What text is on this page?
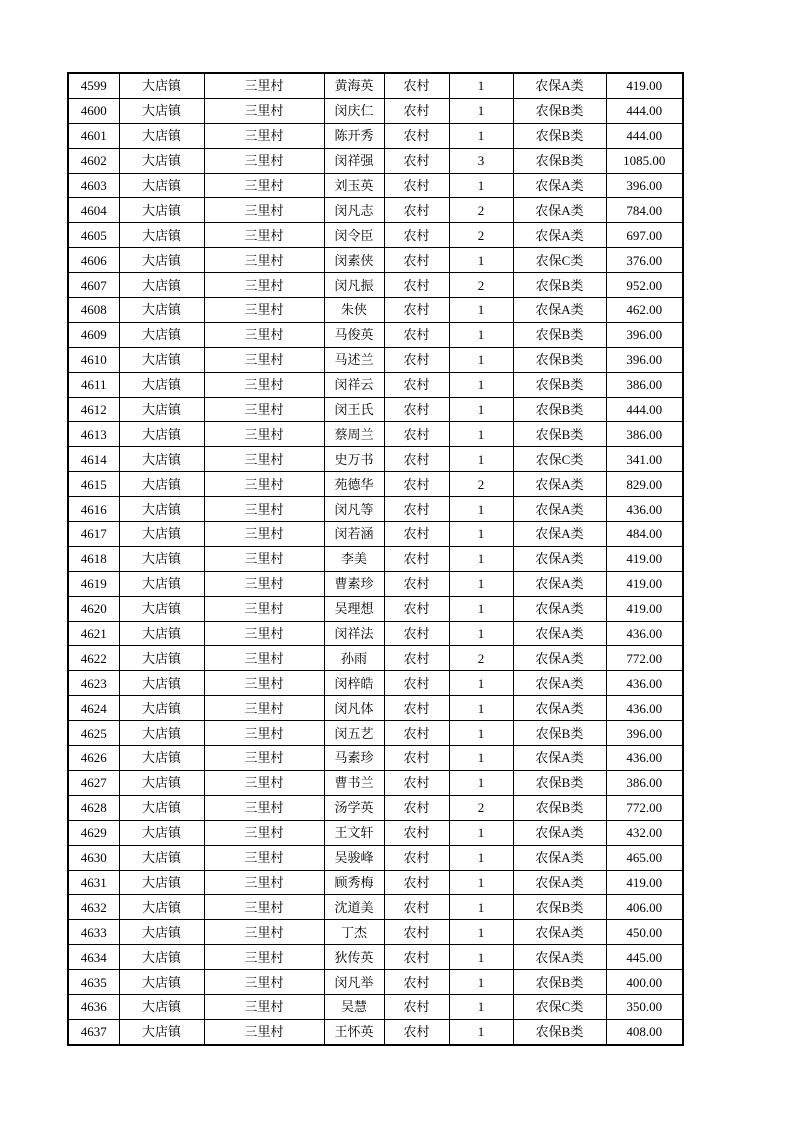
4599	大店镇	三里村	黄海英	农村	1	农保A类	419.00
4600	大店镇	三里村	闵庆仁	农村	1	农保B类	444.00
4601	大店镇	三里村	陈开秀	农村	1	农保B类	444.00
4602	大店镇	三里村	闵祥强	农村	3	农保B类	1085.00
4603	大店镇	三里村	刘玉英	农村	1	农保A类	396.00
4604	大店镇	三里村	闵凡志	农村	2	农保A类	784.00
4605	大店镇	三里村	闵令臣	农村	2	农保A类	697.00
4606	大店镇	三里村	闵素侠	农村	1	农保C类	376.00
4607	大店镇	三里村	闵凡振	农村	2	农保B类	952.00
4608	大店镇	三里村	朱侠	农村	1	农保A类	462.00
4609	大店镇	三里村	马俊英	农村	1	农保B类	396.00
4610	大店镇	三里村	马述兰	农村	1	农保B类	396.00
4611	大店镇	三里村	闵祥云	农村	1	农保B类	386.00
4612	大店镇	三里村	闵王氏	农村	1	农保B类	444.00
4613	大店镇	三里村	蔡周兰	农村	1	农保B类	386.00
4614	大店镇	三里村	史万书	农村	1	农保C类	341.00
4615	大店镇	三里村	苑德华	农村	2	农保A类	829.00
4616	大店镇	三里村	闵凡等	农村	1	农保A类	436.00
4617	大店镇	三里村	闵若涵	农村	1	农保A类	484.00
4618	大店镇	三里村	李美	农村	1	农保A类	419.00
4619	大店镇	三里村	曹素珍	农村	1	农保A类	419.00
4620	大店镇	三里村	吴理想	农村	1	农保A类	419.00
4621	大店镇	三里村	闵祥法	农村	1	农保A类	436.00
4622	大店镇	三里村	孙雨	农村	2	农保A类	772.00
4623	大店镇	三里村	闵梓皓	农村	1	农保A类	436.00
4624	大店镇	三里村	闵凡体	农村	1	农保A类	436.00
4625	大店镇	三里村	闵五艺	农村	1	农保B类	396.00
4626	大店镇	三里村	马素珍	农村	1	农保A类	436.00
4627	大店镇	三里村	曹书兰	农村	1	农保B类	386.00
4628	大店镇	三里村	汤学英	农村	2	农保B类	772.00
4629	大店镇	三里村	王文轩	农村	1	农保A类	432.00
4630	大店镇	三里村	吴骏峰	农村	1	农保A类	465.00
4631	大店镇	三里村	顾秀梅	农村	1	农保A类	419.00
4632	大店镇	三里村	沈道美	农村	1	农保B类	406.00
4633	大店镇	三里村	丁杰	农村	1	农保A类	450.00
4634	大店镇	三里村	狄传英	农村	1	农保A类	445.00
4635	大店镇	三里村	闵凡举	农村	1	农保B类	400.00
4636	大店镇	三里村	吴慧	农村	1	农保C类	350.00
4637	大店镇	三里村	王怀英	农村	1	农保B类	408.00
